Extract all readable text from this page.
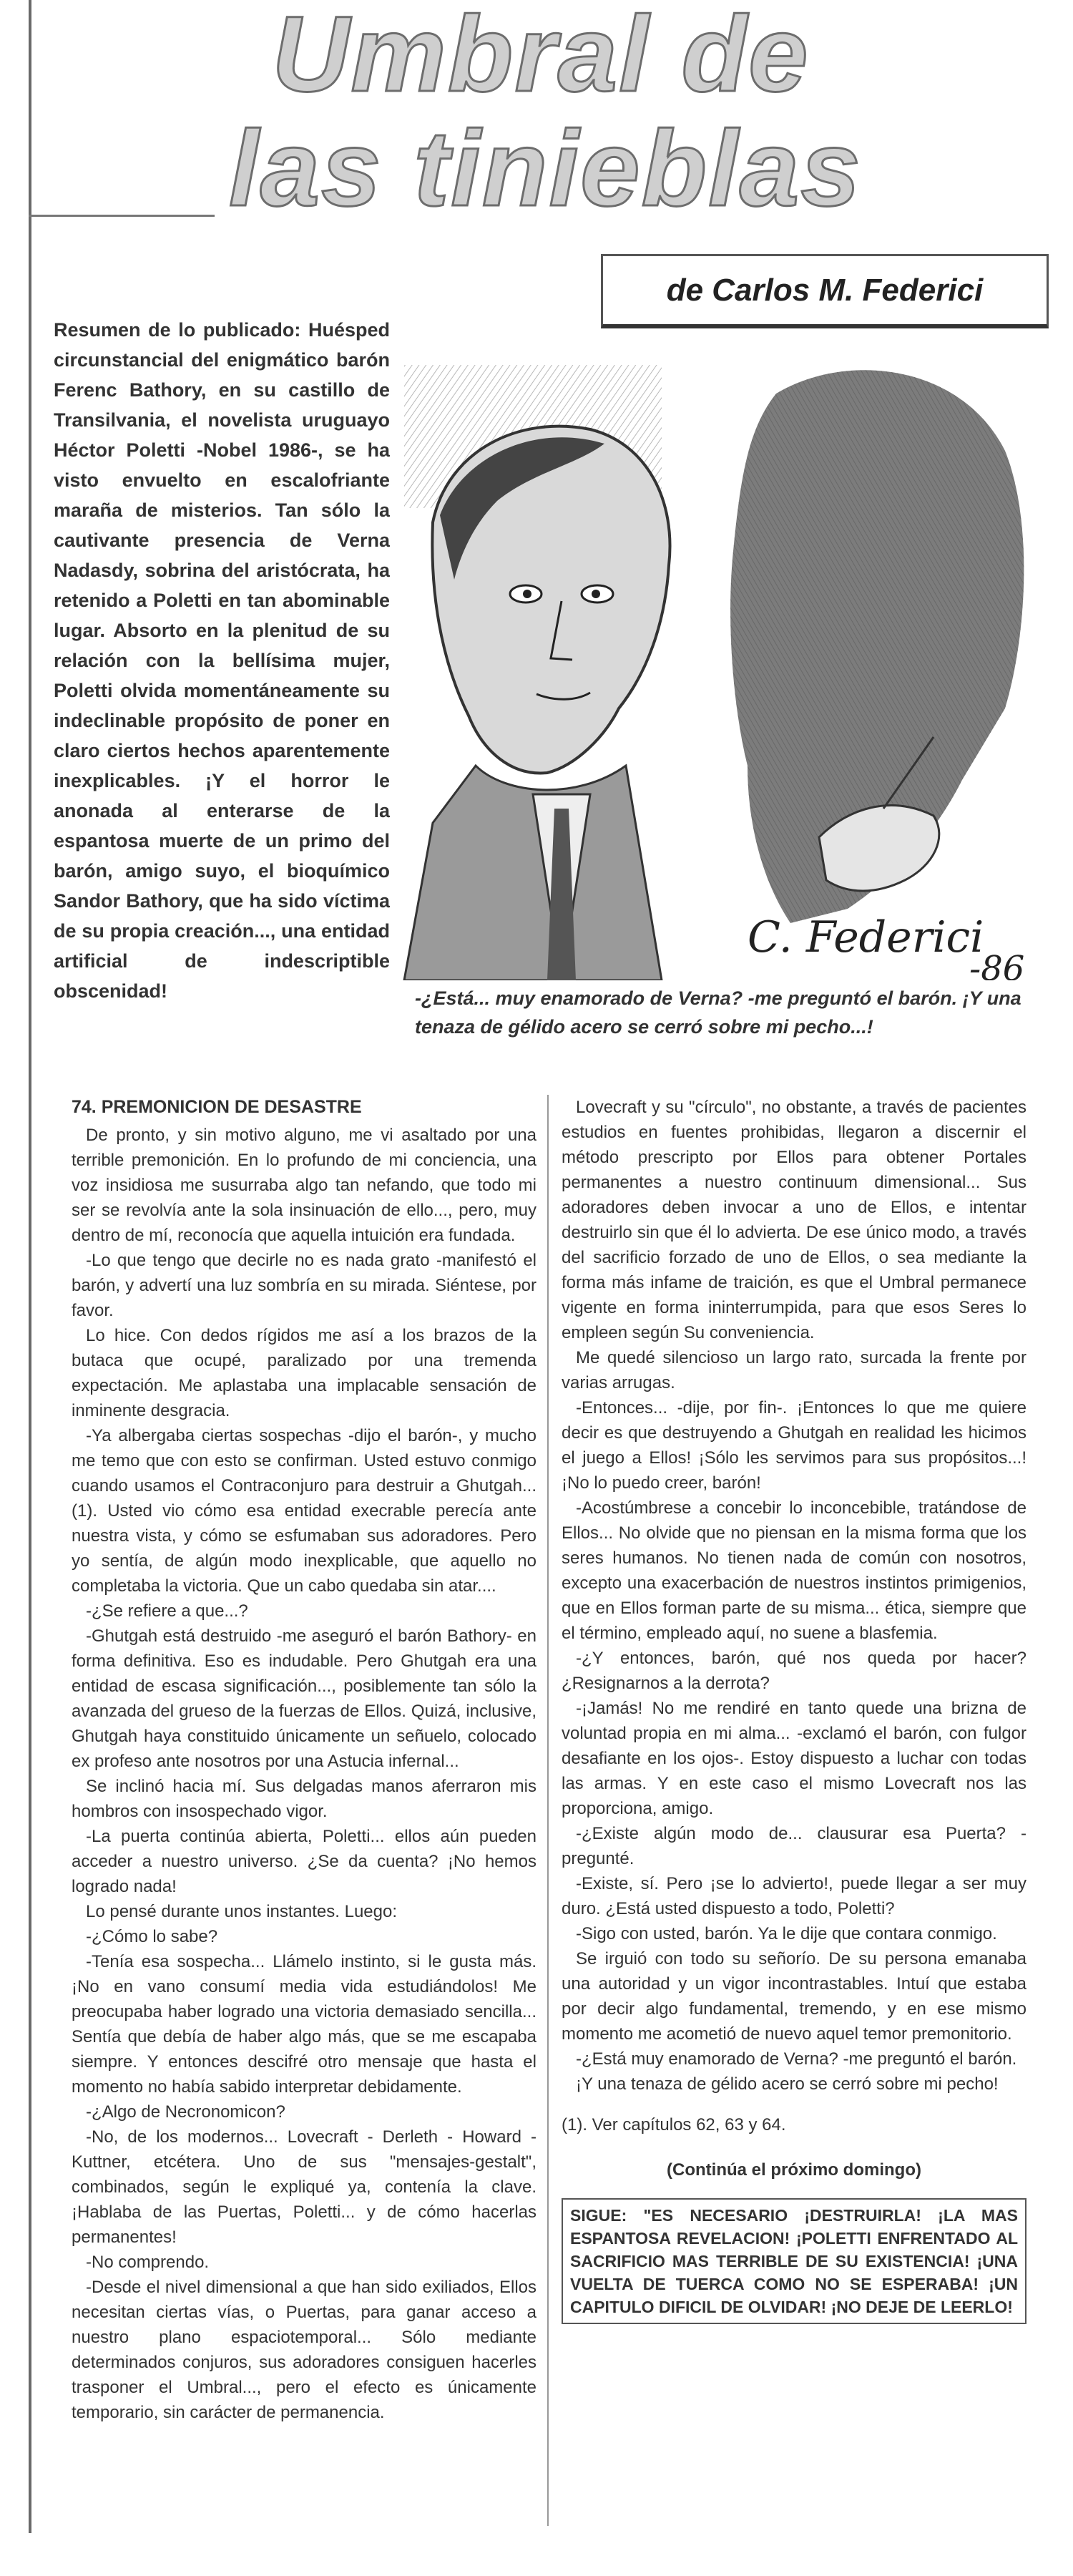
Umbral de
las tinieblas
de Carlos M. Federici
Resumen de lo publicado: Huésped circunstancial del enigmático barón Ferenc Bathory, en su castillo de Transilvania, el novelista uruguayo Héctor Poletti -Nobel 1986-, se ha visto envuelto en escalofriante maraña de misterios. Tan sólo la cautivante presencia de Verna Nadasdy, sobrina del aristócrata, ha retenido a Poletti en tan abominable lugar. Absorto en la plenitud de su relación con la bellísima mujer, Poletti olvida momentáneamente su indeclinable propósito de poner en claro ciertos hechos aparentemente inexplicables. ¡Y el horror le anonada al enterarse de la espantosa muerte de un primo del barón, amigo suyo, el bioquímico Sandor Bathory, que ha sido víctima de su propia creación..., una entidad artificial de indescriptible obscenidad!
C. Federici
-86
-¿Está... muy enamorado de Verna? -me preguntó el barón. ¡Y una tenaza de gélido acero se cerró sobre mi pecho...!
74. PREMONICION DE DESASTRE

De pronto, y sin motivo alguno, me vi asaltado por una terrible premonición. En lo profundo de mi conciencia, una voz insidiosa me susurraba algo tan nefando, que todo mi ser se revolvía ante la sola insinuación de ello..., pero, muy dentro de mí, reconocía que aquella intuición era fundada.

-Lo que tengo que decirle no es nada grato -manifestó el barón, y advertí una luz sombría en su mirada. Siéntese, por favor.

Lo hice. Con dedos rígidos me así a los brazos de la butaca que ocupé, paralizado por una tremenda expectación. Me aplastaba una implacable sensación de inminente desgracia.

-Ya albergaba ciertas sospechas -dijo el barón-, y mucho me temo que con esto se confirman. Usted estuvo conmigo cuando usamos el Contraconjuro para destruir a Ghutgah... (1). Usted vio cómo esa entidad execrable perecía ante nuestra vista, y cómo se esfumaban sus adoradores. Pero yo sentía, de algún modo inexplicable, que aquello no completaba la victoria. Que un cabo quedaba sin atar....

-¿Se refiere a que...?

-Ghutgah está destruido -me aseguró el barón Bathory- en forma definitiva. Eso es indudable. Pero Ghutgah era una entidad de escasa significación..., posiblemente tan sólo la avanzada del grueso de la fuerzas de Ellos. Quizá, inclusive, Ghutgah haya constituido únicamente un señuelo, colocado ex profeso ante nosotros por una Astucia infernal...

Se inclinó hacia mí. Sus delgadas manos aferraron mis hombros con insospechado vigor.

-La puerta continúa abierta, Poletti... ellos aún pueden acceder a nuestro universo. ¿Se da cuenta? ¡No hemos logrado nada!

Lo pensé durante unos instantes. Luego:

-¿Cómo lo sabe?

-Tenía esa sospecha... Llámelo instinto, si le gusta más. ¡No en vano consumí media vida estudiándolos! Me preocupaba haber logrado una victoria demasiado sencilla... Sentía que debía de haber algo más, que se me escapaba siempre. Y entonces descifré otro mensaje que hasta el momento no había sabido interpretar debidamente.

-¿Algo de Necronomicon?

-No, de los modernos... Lovecraft - Derleth - Howard - Kuttner, etcétera. Uno de sus "mensajes-gestalt", combinados, según le expliqué ya, contenía la clave. ¡Hablaba de las Puertas, Poletti... y de cómo hacerlas permanentes!

-No comprendo.

-Desde el nivel dimensional a que han sido exiliados, Ellos necesitan ciertas vías, o Puertas, para ganar acceso a nuestro plano espaciotemporal... Sólo mediante determinados conjuros, sus adoradores consiguen hacerles trasponer el Umbral..., pero el efecto es únicamente temporario, sin carácter de permanencia.

Lovecraft y su "círculo", no obstante, a través de pacientes estudios en fuentes prohibidas, llegaron a discernir el método prescripto por Ellos para obtener Portales permanentes a nuestro continuum dimensional... Sus adoradores deben invocar a uno de Ellos, e intentar destruirlo sin que él lo advierta. De ese único modo, a través del sacrificio forzado de uno de Ellos, o sea mediante la forma más infame de traición, es que el Umbral permanece vigente en forma ininterrumpida, para que esos Seres lo empleen según Su conveniencia.

Me quedé silencioso un largo rato, surcada la frente por varias arrugas.

-Entonces... -dije, por fin-. ¡Entonces lo que me quiere decir es que destruyendo a Ghutgah en realidad les hicimos el juego a Ellos! ¡Sólo les servimos para sus propósitos...! ¡No lo puedo creer, barón!

-Acostúmbrese a concebir lo inconcebible, tratándose de Ellos... No olvide que no piensan en la misma forma que los seres humanos. No tienen nada de común con nosotros, excepto una exacerbación de nuestros instintos primigenios, que en Ellos forman parte de su misma... ética, siempre que el término, empleado aquí, no suene a blasfemia.

-¿Y entonces, barón, qué nos queda por hacer? ¿Resignarnos a la derrota?

-¡Jamás! No me rendiré en tanto quede una brizna de voluntad propia en mi alma... -exclamó el barón, con fulgor desafiante en los ojos-. Estoy dispuesto a luchar con todas las armas. Y en este caso el mismo Lovecraft nos las proporciona, amigo.

-¿Existe algún modo de... clausurar esa Puerta? -pregunté.

-Existe, sí. Pero ¡se lo advierto!, puede llegar a ser muy duro. ¿Está usted dispuesto a todo, Poletti?

-Sigo con usted, barón. Ya le dije que contara conmigo.

Se irguió con todo su señorío. De su persona emanaba una autoridad y un vigor incontrastables. Intuí que estaba por decir algo fundamental, tremendo, y en ese mismo momento me acometió de nuevo aquel temor premonitorio.

-¿Está muy enamorado de Verna? -me preguntó el barón.

¡Y una tenaza de gélido acero se cerró sobre mi pecho!

(1). Ver capítulos 62, 63 y 64.
(Continúa el próximo domingo)
SIGUE: "ES NECESARIO ¡DESTRUIRLA! ¡LA MAS ESPANTOSA REVELACION! ¡POLETTI ENFRENTADO AL SACRIFICIO MAS TERRIBLE DE SU EXISTENCIA! ¡UNA VUELTA DE TUERCA COMO NO SE ESPERABA! ¡UN CAPITULO DIFICIL DE OLVIDAR! ¡NO DEJE DE LEERLO!
